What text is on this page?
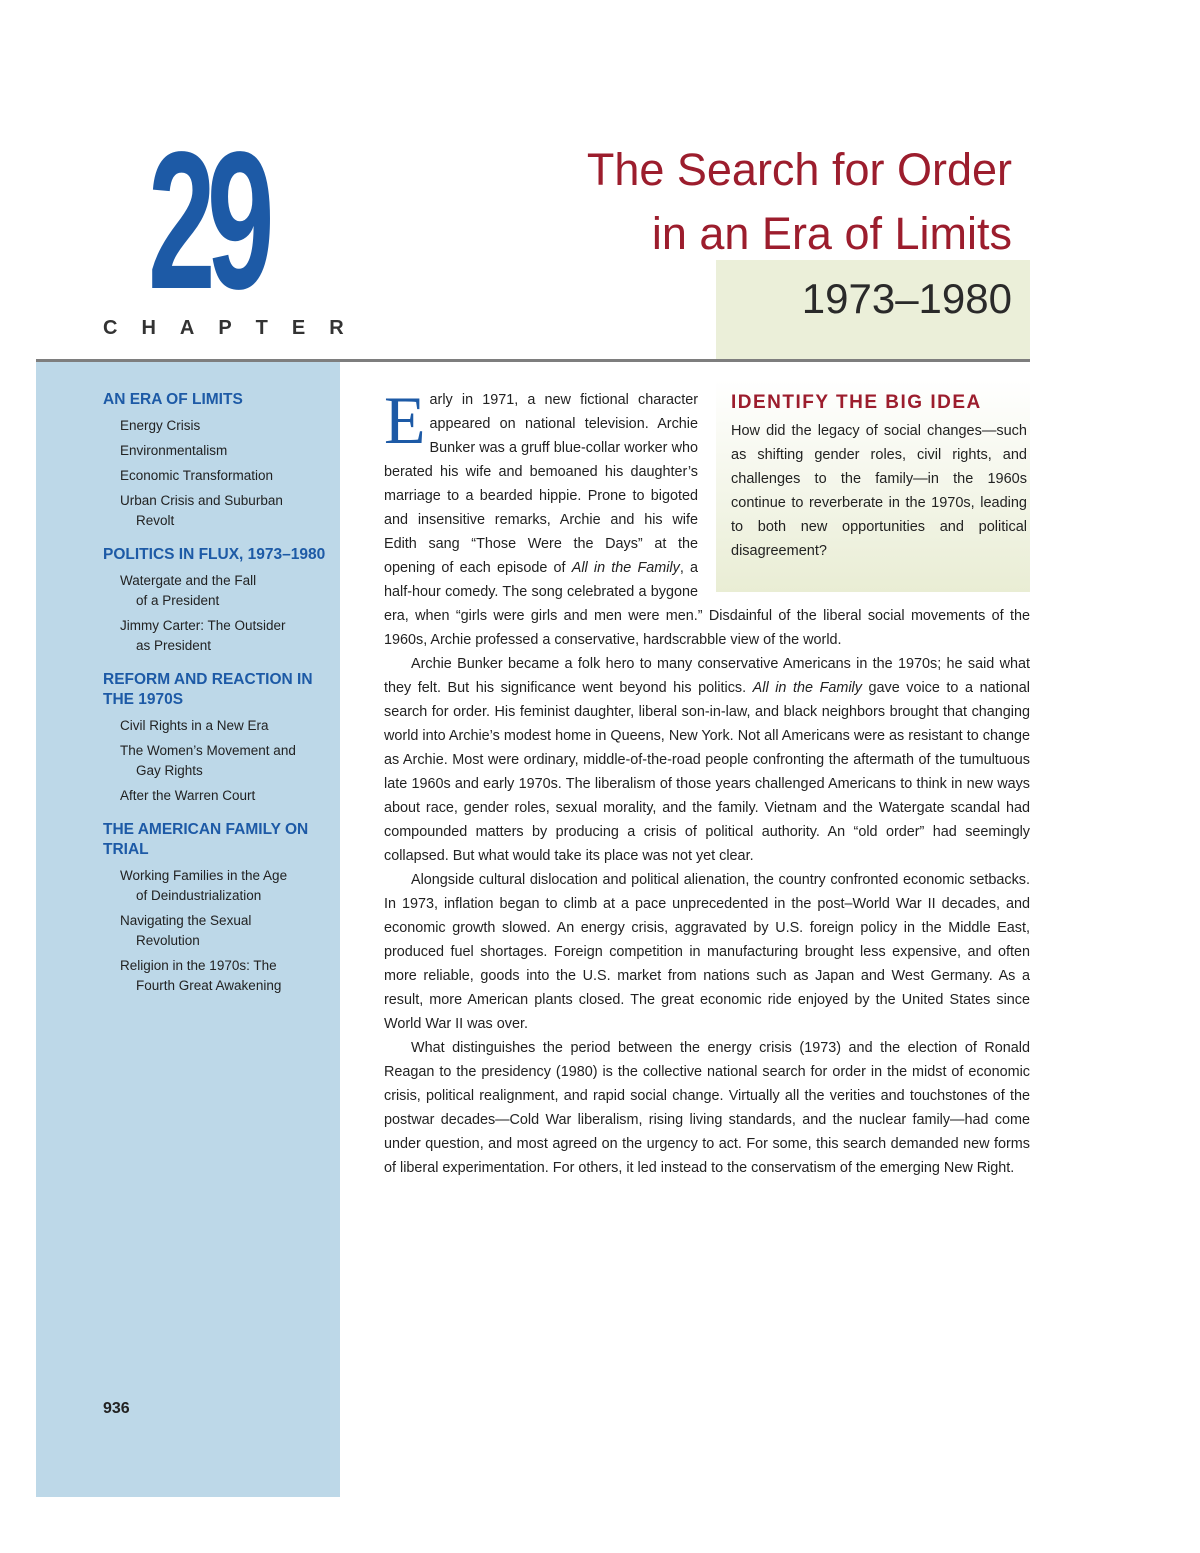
29
CHAPTER
The Search for Order
in an Era of Limits
1973–1980
AN ERA OF LIMITS
Energy Crisis
Environmentalism
Economic Transformation
Urban Crisis and Suburban
Revolt
POLITICS IN FLUX, 1973–1980
Watergate and the Fall
of a President
Jimmy Carter: The Outsider
as President
REFORM AND REACTION IN THE 1970S
Civil Rights in a New Era
The Women’s Movement and
Gay Rights
After the Warren Court
THE AMERICAN FAMILY ON TRIAL
Working Families in the Age
of Deindustrialization
Navigating the Sexual
Revolution
Religion in the 1970s: The
Fourth Great Awakening
936
IDENTIFY THE BIG IDEA
How did the legacy of social changes—such as shifting gender roles, civil rights, and challenges to the family—in the 1960s continue to reverberate in the 1970s, leading to both new opportunities and political disagreement?

Early in 1971, a new fictional character appeared on national television. Archie Bunker was a gruff blue-collar worker who berated his wife and bemoaned his daughter’s marriage to a bearded hippie. Prone to bigoted and insensitive remarks, Archie and his wife Edith sang “Those Were the Days” at the opening of each episode of All in the Family, a half-hour comedy. The song celebrated a bygone era, when “girls were girls and men were men.” Disdainful of the liberal social movements of the 1960s, Archie professed a conservative, hardscrabble view of the world.

Archie Bunker became a folk hero to many conservative Americans in the 1970s; he said what they felt. But his significance went beyond his politics. All in the Family gave voice to a national search for order. His feminist daughter, liberal son-in-law, and black neighbors brought that changing world into Archie’s modest home in Queens, New York. Not all Americans were as resistant to change as Archie. Most were ordinary, middle-of-the-road people confronting the aftermath of the tumultuous late 1960s and early 1970s. The liberalism of those years challenged Americans to think in new ways about race, gender roles, sexual morality, and the family. Vietnam and the Watergate scandal had compounded matters by producing a crisis of political authority. An “old order” had seemingly collapsed. But what would take its place was not yet clear.

Alongside cultural dislocation and political alienation, the country confronted economic setbacks. In 1973, inflation began to climb at a pace unprecedented in the post–World War II decades, and economic growth slowed. An energy crisis, aggravated by U.S. foreign policy in the Middle East, produced fuel shortages. Foreign competition in manufacturing brought less expensive, and often more reliable, goods into the U.S. market from nations such as Japan and West Germany. As a result, more American plants closed. The great economic ride enjoyed by the United States since World War II was over.

What distinguishes the period between the energy crisis (1973) and the election of Ronald Reagan to the presidency (1980) is the collective national search for order in the midst of economic crisis, political realignment, and rapid social change. Virtually all the verities and touchstones of the postwar decades—Cold War liberalism, rising living standards, and the nuclear family—had come under question, and most agreed on the urgency to act. For some, this search demanded new forms of liberal experimentation. For others, it led instead to the conservatism of the emerging New Right.
